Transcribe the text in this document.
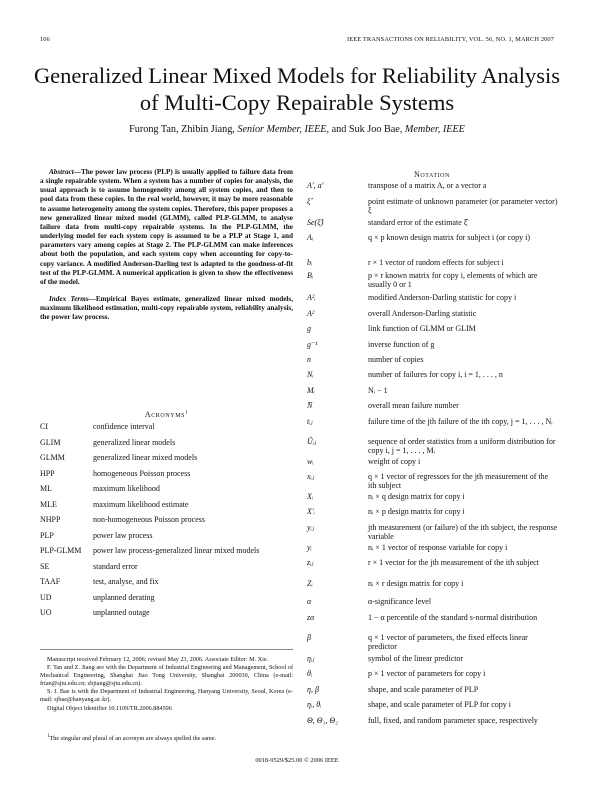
106	IEEE TRANSACTIONS ON RELIABILITY, VOL. 56, NO. 1, MARCH 2007
Generalized Linear Mixed Models for Reliability Analysis of Multi-Copy Repairable Systems
Furong Tan, Zhibin Jiang, Senior Member, IEEE, and Suk Joo Bae, Member, IEEE

Abstract—The power law process (PLP) is usually applied to failure data from a single repairable system. When a system has a number of copies for analysis, the usual approach is to assume homogeneity among all system copies, and then to pool data from these copies. In the real world, however, it may be more reasonable to assume heterogeneity among the system copies. Therefore, this paper proposes a new generalized linear mixed model (GLMM), called PLP-GLMM, to analyse failure data from multi-copy repairable systems. In the PLP-GLMM, the underlying model for each system copy is assumed to be a PLP at Stage 1, and parameters vary among copies at Stage 2. The PLP-GLMM can make inferences about both the population, and each system copy when accounting for copy-to-copy variance. A modified Anderson-Darling test is adapted to the goodness-of-fit test of the PLP-GLMM. A numerical application is given to show the effectiveness of the model.

Index Terms—Empirical Bayes estimate, generalized linear mixed models, maximum likelihood estimation, multi-copy repairable system, reliability analysis, the power law process.

Acronyms$^1$
CI	confidence interval
GLIM	generalized linear models
GLMM	generalized linear mixed models
HPP	homogeneous Poisson process
ML	maximum likelihood
MLE	maximum likelihood estimate
NHPP	non-homogeneous Poisson process
PLP	power law process
PLP-GLMM	power law process-generalized linear mixed models
SE	standard error
TAAF	test, analyse, and fix
UD	unplanned derating
UO	unplanned outage

Manuscript received February 12, 2006; revised May 23, 2006. Associate Editor: M. Xie.

F. Tan and Z. Jiang are with the Department of Industrial Engineering and Management, School of Mechanical Engineering, Shanghai Jiao Tong University, Shanghai 200030, China (e-mail: frtan@sjtu.edu.cn; zbjiang@sjtu.edu.cn).

S. J. Bae is with the Department of Industrial Engineering, Hanyang University, Seoul, Korea (e-mail: sjbae@hanyang.ac.kr).

Digital Object Identifier 10.1109/TR.2006.884596

$^1$The singular and plural of an acronym are always spelled the same.
Notation
A′, a′	transpose of a matrix A, or a vector a
ξ̂	point estimate of unknown parameter (or parameter vector) ξ
Se(ξ̂)	standard error of the estimate ξ̂
Aᵢ	q × p known design matrix for subject i (or copy i)
bᵢ	r × 1 vector of random effects for subject i
Bᵢ	p × r known matrix for copy i, elements of which are usually 0 or 1
A²ᵢ	modified Anderson-Darling statistic for copy i
A²	overall Anderson-Darling statistic
g	link function of GLMM or GLIM
g⁻¹	inverse function of g
n	number of copies
Nᵢ	number of failures for copy i, i = 1, . . . , n
Mᵢ	Nᵢ − 1
N̄	overall mean failure number
tᵢⱼ	failure time of the jth failure of the ith copy, j = 1, . . . , Nᵢ
Ûᵢⱼ	sequence of order statistics from a uniform distribution for copy i, j = 1, . . . , Mᵢ
wᵢ	weight of copy i
xᵢⱼ	q × 1 vector of regressors for the jth measurement of the ith subject
Xᵢ	nᵢ × q design matrix for copy i
X′ᵢ	nᵢ × p design matrix for copy i
yᵢⱼ	jth measurement (or failure) of the ith subject, the response variable
yᵢ	nᵢ × 1 vector of response variable for copy i
zᵢⱼ	r × 1 vector for the jth measurement of the ith subject
Zᵢ	nᵢ × r design matrix for copy i
α	α-significance level
zα	1 − α percentile of the standard s-normal distribution
β	q × 1 vector of parameters, the fixed effects linear predictor
ηᵢⱼ	symbol of the linear predictor
θᵢ	p × 1 vector of parameters for copy i
η, β	shape, and scale parameter of PLP
ηᵢ, θᵢ	shape, and scale parameter of PLP for copy i
Θ, Θ₁, Θ₂	full, fixed, and random parameter space, respectively
0018-9529/$25.00 © 2006 IEEE
